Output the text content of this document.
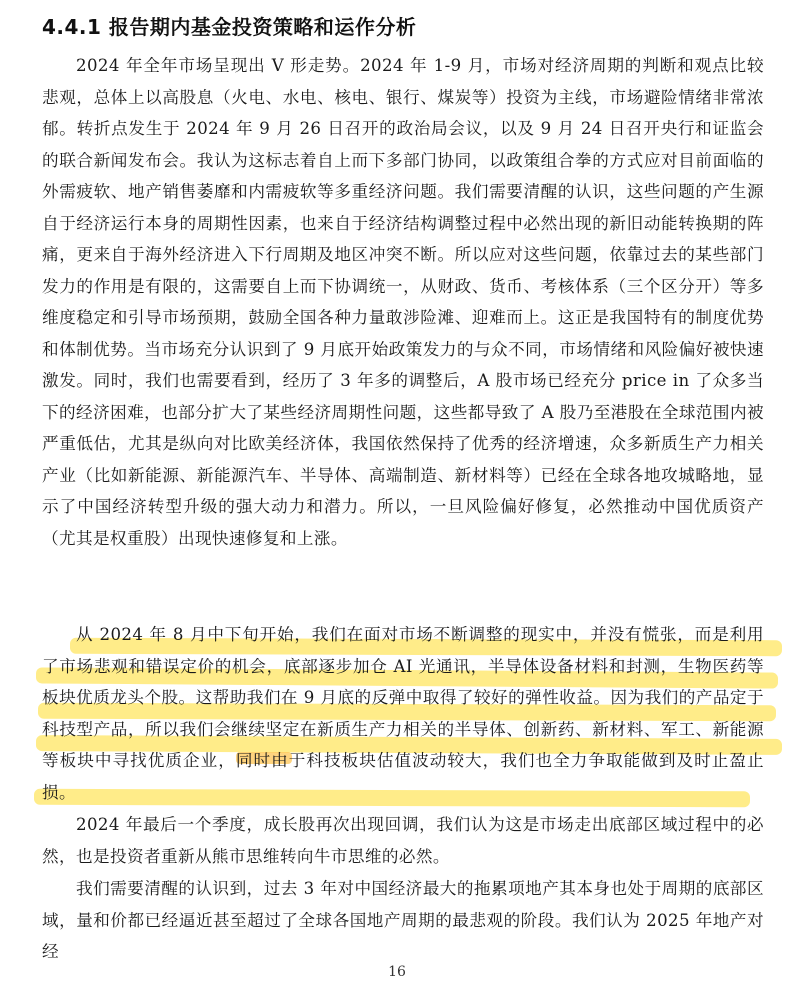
4.4.1 报告期内基金投资策略和运作分析

2024 年全年市场呈现出 V 形走势。2024 年 1-9 月，市场对经济周期的判断和观点比较悲观，总体上以高股息（火电、水电、核电、银行、煤炭等）投资为主线，市场避险情绪非常浓郁。转折点发生于 2024 年 9 月 26 日召开的政治局会议，以及 9 月 24 日召开央行和证监会的联合新闻发布会。我认为这标志着自上而下多部门协同，以政策组合拳的方式应对目前面临的外需疲软、地产销售萎靡和内需疲软等多重经济问题。我们需要清醒的认识，这些问题的产生源自于经济运行本身的周期性因素，也来自于经济结构调整过程中必然出现的新旧动能转换期的阵痛，更来自于海外经济进入下行周期及地区冲突不断。所以应对这些问题，依靠过去的某些部门发力的作用是有限的，这需要自上而下协调统一，从财政、货币、考核体系（三个区分开）等多维度稳定和引导市场预期，鼓励全国各种力量敢涉险滩、迎难而上。这正是我国特有的制度优势和体制优势。当市场充分认识到了 9 月底开始政策发力的与众不同，市场情绪和风险偏好被快速激发。同时，我们也需要看到，经历了 3 年多的调整后，A 股市场已经充分 price in 了众多当下的经济困难，也部分扩大了某些经济周期性问题，这些都导致了 A 股乃至港股在全球范围内被严重低估，尤其是纵向对比欧美经济体，我国依然保持了优秀的经济增速，众多新质生产力相关产业（比如新能源、新能源汽车、半导体、高端制造、新材料等）已经在全球各地攻城略地，显示了中国经济转型升级的强大动力和潜力。所以，一旦风险偏好修复，必然推动中国优质资产（尤其是权重股）出现快速修复和上涨。

从 2024 年 8 月中下旬开始，我们在面对市场不断调整的现实中，并没有慌张，而是利用了市场悲观和错误定价的机会，底部逐步加仓 AI 光通讯，半导体设备材料和封测，生物医药等板块优质龙头个股。这帮助我们在 9 月底的反弹中取得了较好的弹性收益。因为我们的产品定于科技型产品，所以我们会继续坚定在新质生产力相关的半导体、创新药、新材料、军工、新能源等板块中寻找优质企业，同时由于科技板块估值波动较大，我们也全力争取能做到及时止盈止损。

2024 年最后一个季度，成长股再次出现回调，我们认为这是市场走出底部区域过程中的必然，也是投资者重新从熊市思维转向牛市思维的必然。

我们需要清醒的认识到，过去 3 年对中国经济最大的拖累项地产其本身也处于周期的底部区域，量和价都已经逼近甚至超过了全球各国地产周期的最悲观的阶段。我们认为 2025 年地产对经

16
